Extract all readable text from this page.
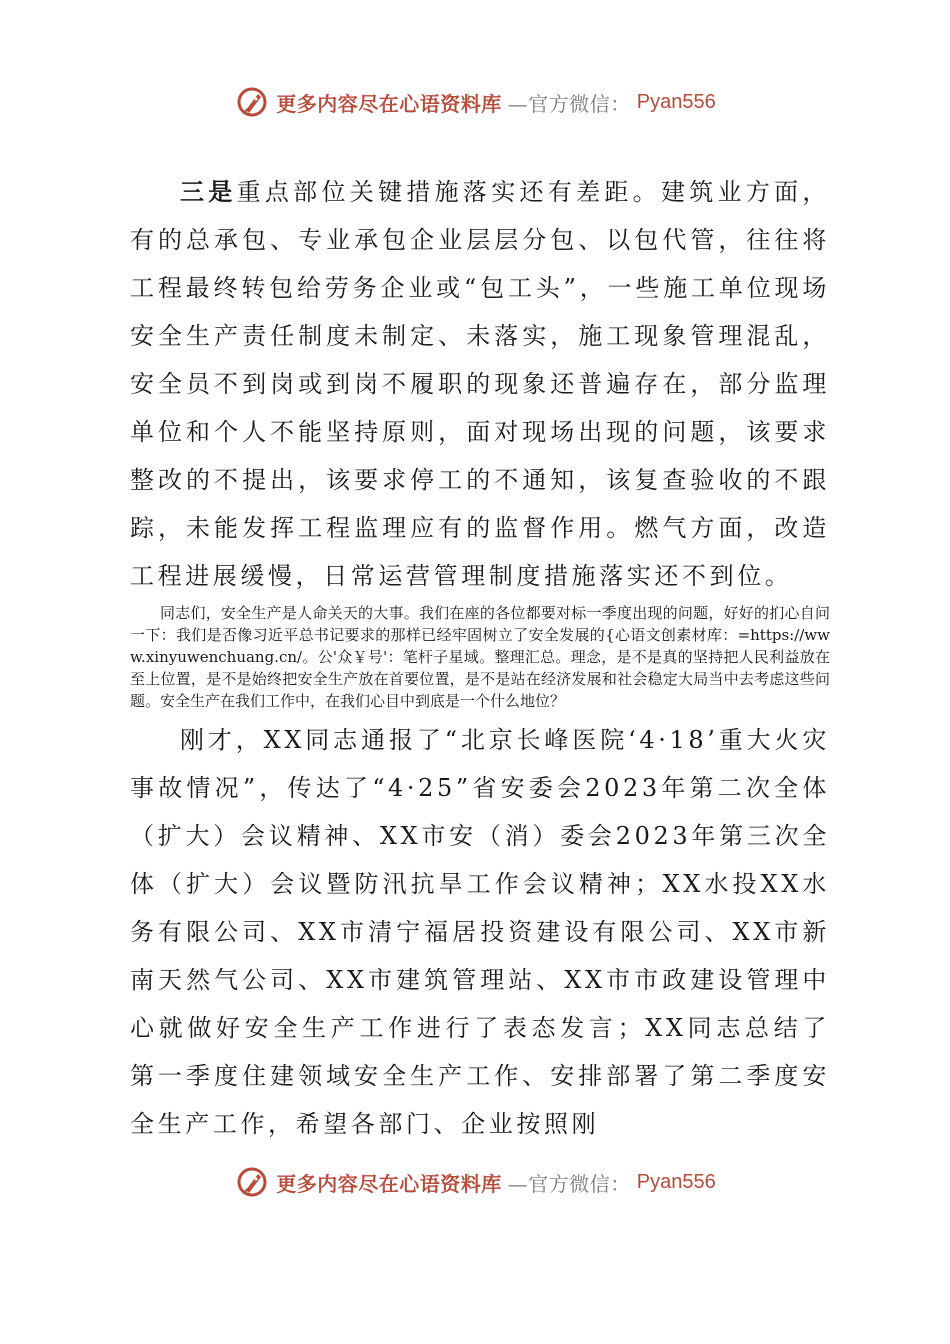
更多内容尽在心语资料库 —官方微信： Pyan556

三是重点部位关键措施落实还有差距。建筑业方面，有的总承包、专业承包企业层层分包、以包代管，往往将工程最终转包给劳务企业或“包工头”，一些施工单位现场安全生产责任制度未制定、未落实，施工现象管理混乱，安全员不到岗或到岗不履职的现象还普遍存在，部分监理单位和个人不能坚持原则，面对现场出现的问题，该要求整改的不提出，该要求停工的不通知，该复查验收的不跟踪，未能发挥工程监理应有的监督作用。燃气方面，改造工程进展缓慢，日常运营管理制度措施落实还不到位。

同志们，安全生产是人命关天的大事。我们在座的各位都要对标一季度出现的问题，好好的扪心自问一下：我们是否像习近平总书记要求的那样已经牢固树立了安全发展的{心语文创素材库：=https://www.xinyuwenchuang.cn/。公'众￥号'：笔杆子星域。整理汇总。理念，是不是真的坚持把人民利益放在至上位置，是不是始终把安全生产放在首要位置，是不是站在经济发展和社会稳定大局当中去考虑这些问题。安全生产在我们工作中，在我们心目中到底是一个什么地位？

刚才，XX同志通报了“北京长峰医院‘4·18’重大火灾事故情况”，传达了“4·25”省安委会2023年第二次全体（扩大）会议精神、XX市安（消）委会2023年第三次全体（扩大）会议暨防汛抗旱工作会议精神；XX水投XX水务有限公司、XX市清宁福居投资建设有限公司、XX市新南天然气公司、XX市建筑管理站、XX市市政建设管理中心就做好安全生产工作进行了表态发言；XX同志总结了第一季度住建领域安全生产工作、安排部署了第二季度安全生产工作，希望各部门、企业按照刚

更多内容尽在心语资料库 —官方微信： Pyan556
